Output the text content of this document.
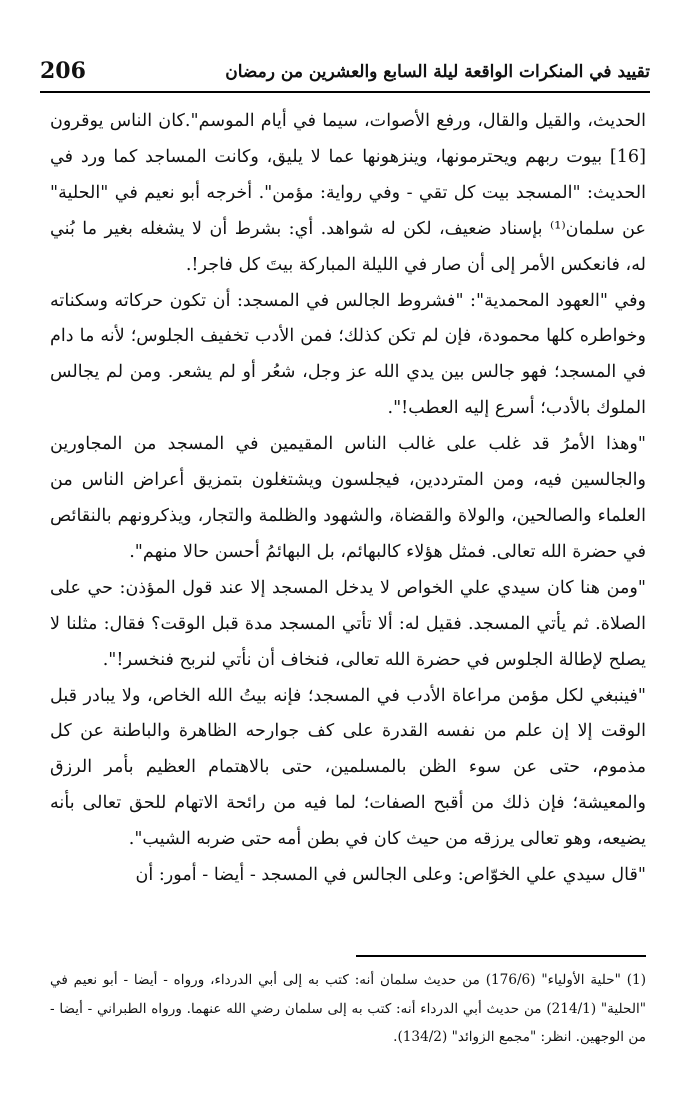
206	تقييد في المنكرات الواقعة ليلة السابع والعشرين من رمضان

الحديث، والقيل والقال، ورفع الأصوات، سيما في أيام الموسم".كان الناس يوقرون [16] بيوت ربهم ويحترمونها، وينزهونها عما لا يليق، وكانت المساجد كما ورد في الحديث: "المسجد بيت كل تقي - وفي رواية: مؤمن". أخرجه أبو نعيم في "الحلية" عن سلمان⁽¹⁾ بإسناد ضعيف، لكن له شواهد. أي: بشرط أن لا يشغله بغير ما بُني له، فانعكس الأمر إلى أن صار في الليلة المباركة بيتَ كل فاجر!.

وفي "العهود المحمدية": "فشروط الجالس في المسجد: أن تكون حركاته وسكناته وخواطره كلها محمودة، فإن لم تكن كذلك؛ فمن الأدب تخفيف الجلوس؛ لأنه ما دام في المسجد؛ فهو جالس بين يدي الله عز وجل، شعُر أو لم يشعر. ومن لم يجالس الملوك بالأدب؛ أسرع إليه العطب!".

"وهذا الأمرُ قد غلب على غالب الناس المقيمين في المسجد من المجاورين والجالسين فيه، ومن المترددين، فيجلسون ويشتغلون بتمزيق أعراض الناس من العلماء والصالحين، والولاة والقضاة، والشهود والظلمة والتجار، ويذكرونهم بالنقائص في حضرة الله تعالى. فمثل هؤلاء كالبهائم، بل البهائمُ أحسن حالا منهم".

"ومن هنا كان سيدي علي الخواص لا يدخل المسجد إلا عند قول المؤذن: حي على الصلاة. ثم يأتي المسجد. فقيل له: ألا تأتي المسجد مدة قبل الوقت؟ فقال: مثلنا لا يصلح لإطالة الجلوس في حضرة الله تعالى، فنخاف أن نأتي لنربح فنخسر!".

"فينبغي لكل مؤمن مراعاة الأدب في المسجد؛ فإنه بيتُ الله الخاص، ولا يبادر قبل الوقت إلا إن علم من نفسه القدرة على كف جوارحه الظاهرة والباطنة عن كل مذموم، حتى عن سوء الظن بالمسلمين، حتى بالاهتمام العظيم بأمر الرزق والمعيشة؛ فإن ذلك من أقبح الصفات؛ لما فيه من رائحة الاتهام للحق تعالى بأنه يضيعه، وهو تعالى يرزقه من حيث كان في بطن أمه حتى ضربه الشيب".

"قال سيدي علي الخوّاص: وعلى الجالس في المسجد - أيضا - أمور: أن

(1) "حلية الأولياء" (176/6) من حديث سلمان أنه: كتب به إلى أبي الدرداء، ورواه - أيضا - أبو نعيم في "الحلية" (214/1) من حديث أبي الدرداء أنه: كتب به إلى سلمان رضي الله عنهما. ورواه الطبراني - أيضا - من الوجهين. انظر: "مجمع الزوائد" (134/2).
